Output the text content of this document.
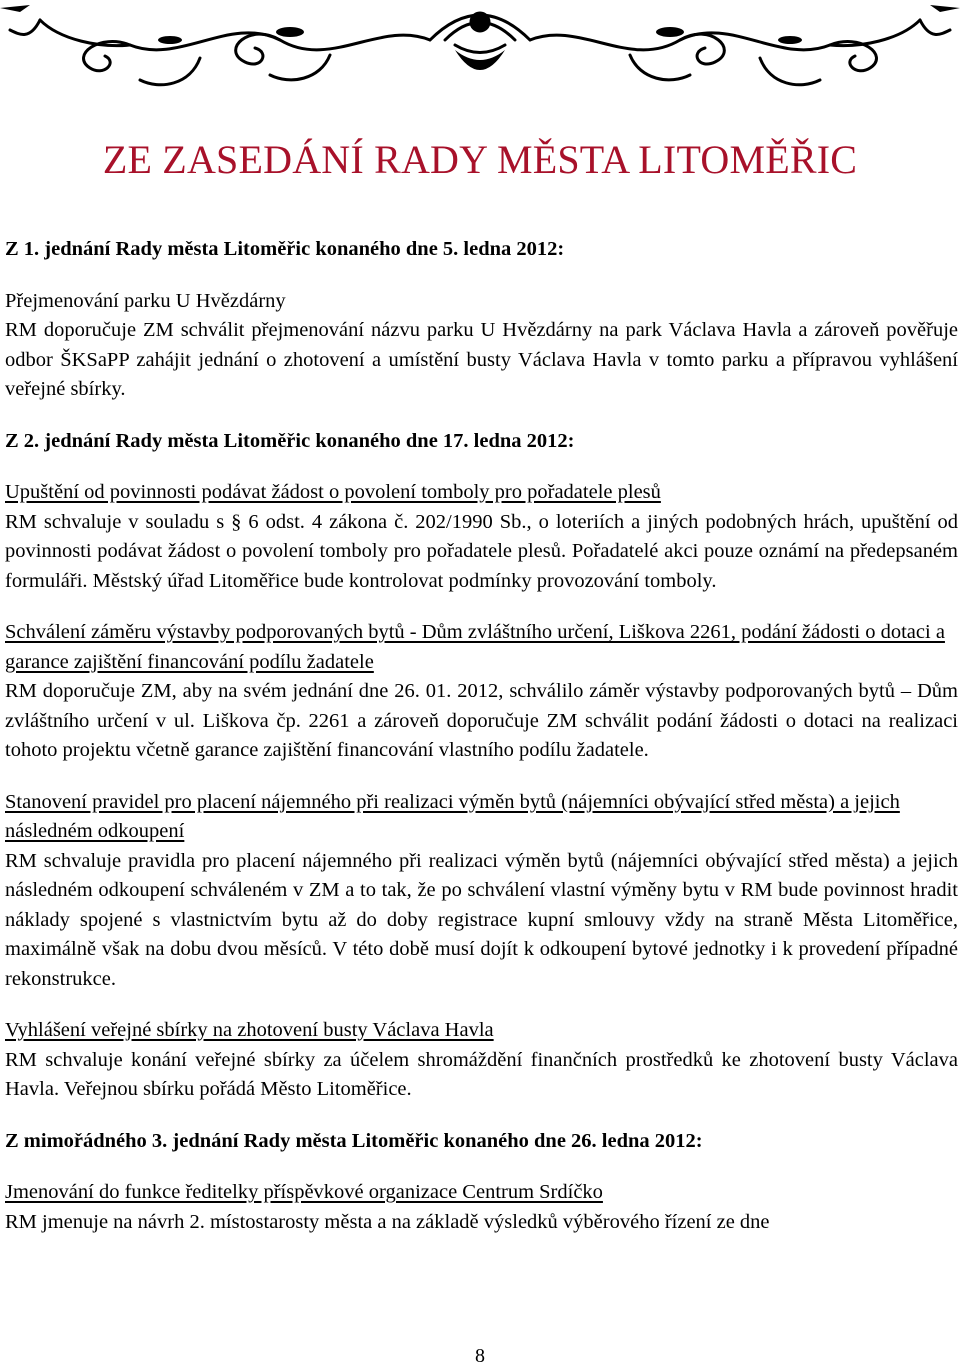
ZE ZASEDÁNÍ RADY MĚSTA LITOMĚŘIC

Z 1. jednání Rady města Litoměřic konaného dne 5. ledna 2012:

Přejmenování parku U Hvězdárny

RM doporučuje ZM schválit přejmenování názvu parku U Hvězdárny na park Václava Havla a zároveň pověřuje odbor ŠKSaPP zahájit jednání o zhotovení a umístění busty Václava Havla v tomto parku a přípravou vyhlášení veřejné sbírky.

Z 2. jednání Rady města Litoměřic konaného dne 17. ledna 2012:

Upuštění od povinnosti podávat žádost o povolení tomboly pro pořadatele plesů

RM schvaluje v souladu s § 6 odst. 4 zákona č. 202/1990 Sb., o loteriích a jiných podobných hrách, upuštění od povinnosti podávat žádost o povolení tomboly pro pořadatele plesů. Pořadatelé akci pouze oznámí na předepsaném formuláři. Městský úřad Litoměřice bude kontrolovat podmínky provozování tomboly.

Schválení záměru výstavby podporovaných bytů - Dům zvláštního určení, Liškova 2261, podání žádosti o dotaci a garance zajištění financování podílu žadatele

RM doporučuje ZM, aby na svém jednání dne 26. 01. 2012, schválilo záměr výstavby podporovaných bytů – Dům zvláštního určení v ul. Liškova čp. 2261 a zároveň doporučuje ZM schválit podání žádosti o dotaci na realizaci tohoto projektu včetně garance zajištění financování vlastního podílu žadatele.

Stanovení pravidel pro placení nájemného při realizaci výměn bytů (nájemníci obývající střed města) a jejich následném odkoupení

RM schvaluje pravidla pro placení nájemného při realizaci výměn bytů (nájemníci obývající střed města) a jejich následném odkoupení schváleném v ZM a to tak, že po schválení vlastní výměny bytu v RM bude povinnost hradit náklady spojené s vlastnictvím bytu až do doby registrace kupní smlouvy vždy na straně Města Litoměřice, maximálně však na dobu dvou měsíců. V této době musí dojít k odkoupení bytové jednotky i k provedení případné rekonstrukce.

Vyhlášení veřejné sbírky na zhotovení busty Václava Havla

RM schvaluje konání veřejné sbírky za účelem shromáždění finančních prostředků ke zhotovení busty Václava Havla. Veřejnou sbírku pořádá Město Litoměřice.

Z mimořádného 3. jednání Rady města Litoměřic konaného dne 26. ledna 2012:

Jmenování do funkce ředitelky příspěvkové organizace Centrum Srdíčko

RM jmenuje na návrh 2. místostarosty města a na základě výsledků výběrového řízení ze dne

8
